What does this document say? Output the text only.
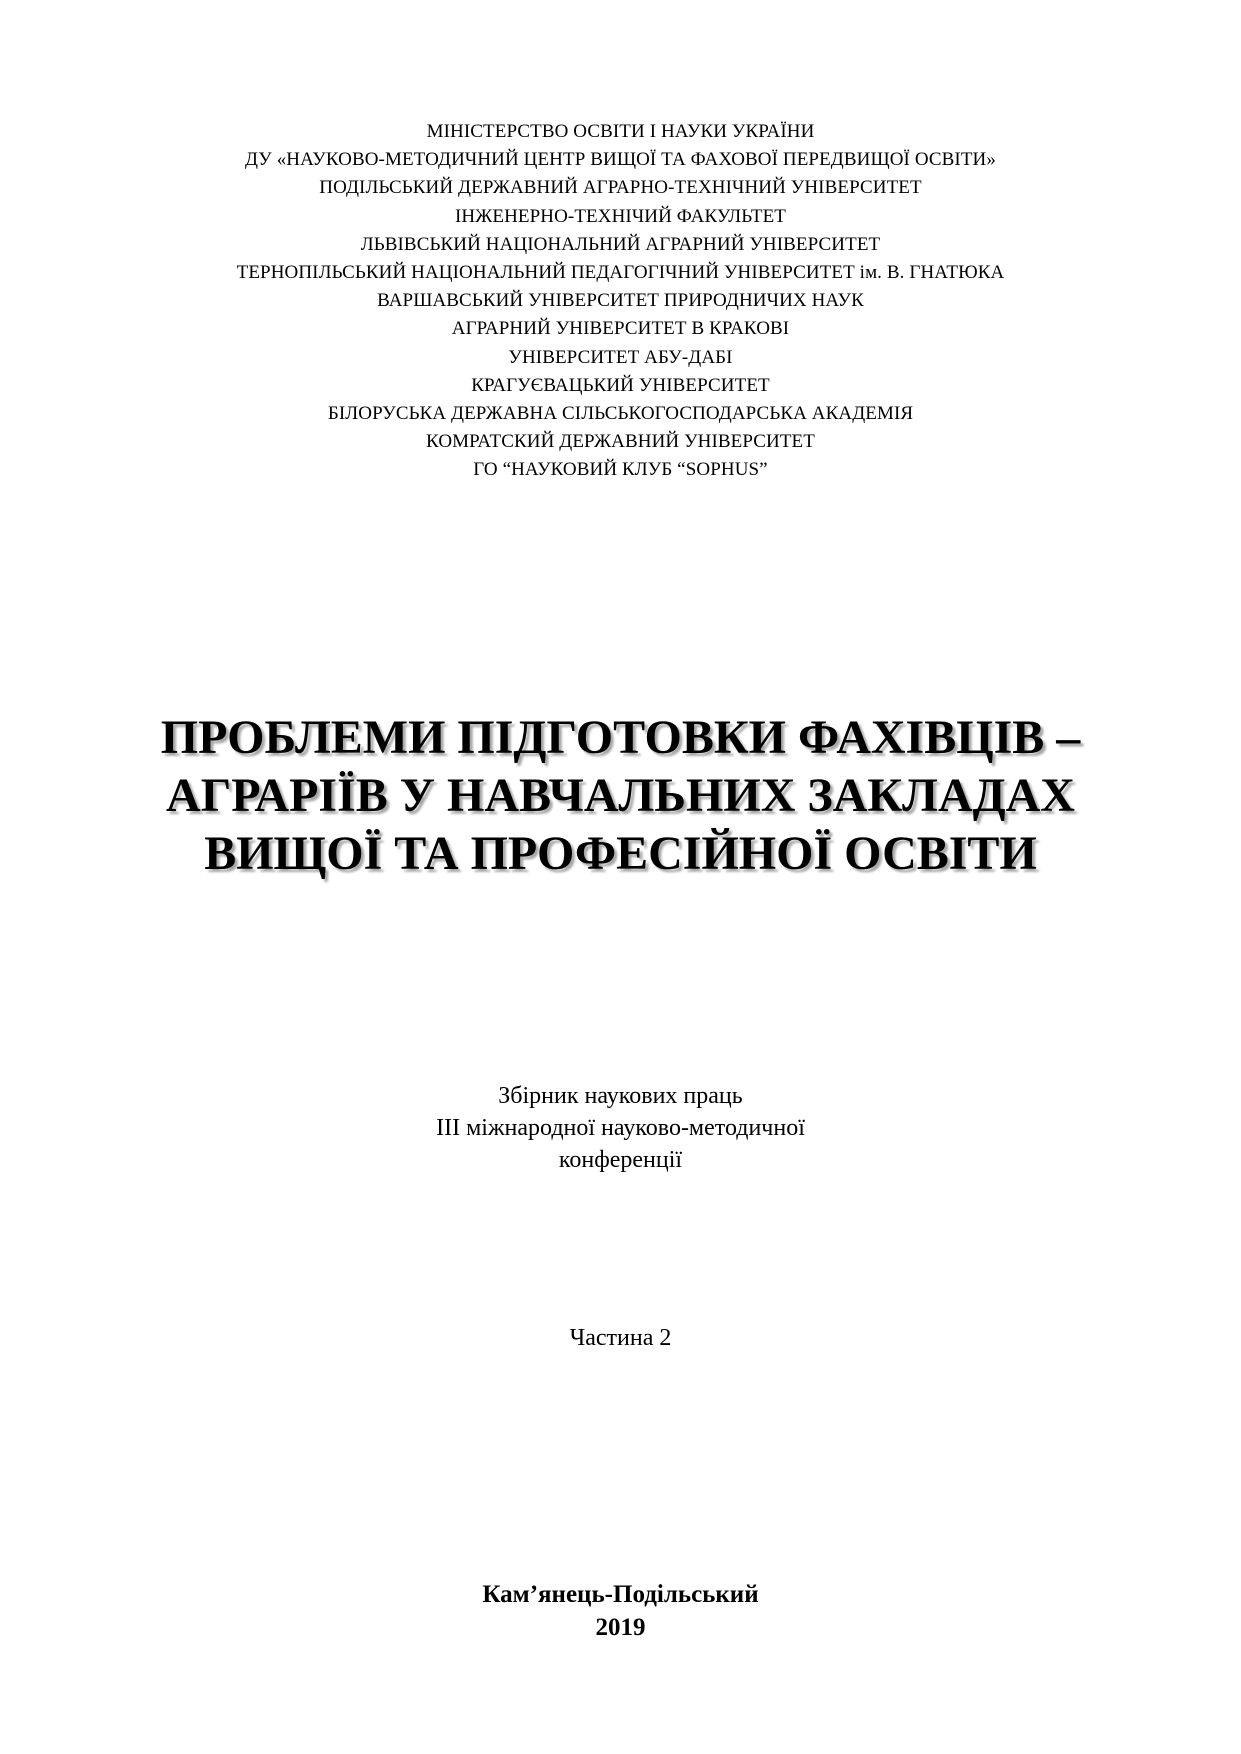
МІНІСТЕРСТВО ОСВІТИ І НАУКИ УКРАЇНИ
ДУ «НАУКОВО-МЕТОДИЧНИЙ ЦЕНТР ВИЩОЇ ТА ФАХОВОЇ ПЕРЕДВИЩОЇ ОСВІТИ»
ПОДІЛЬСЬКИЙ ДЕРЖАВНИЙ АГРАРНО-ТЕХНІЧНИЙ УНІВЕРСИТЕТ
ІНЖЕНЕРНО-ТЕХНІЧИЙ ФАКУЛЬТЕТ
ЛЬВІВСЬКИЙ НАЦІОНАЛЬНИЙ АГРАРНИЙ УНІВЕРСИТЕТ
ТЕРНОПІЛЬСЬКИЙ НАЦІОНАЛЬНИЙ ПЕДАГОГІЧНИЙ УНІВЕРСИТЕТ ім. В. ГНАТЮКА
ВАРШАВСЬКИЙ УНІВЕРСИТЕТ ПРИРОДНИЧИХ НАУК
АГРАРНИЙ УНІВЕРСИТЕТ В КРАКОВІ
УНІВЕРСИТЕТ АБУ-ДАБІ
КРАГУЄВАЦЬКИЙ УНІВЕРСИТЕТ
БІЛОРУСЬКА ДЕРЖАВНА СІЛЬСЬКОГОСПОДАРСЬКА АКАДЕМІЯ
КОМРАТСКИЙ ДЕРЖАВНИЙ УНІВЕРСИТЕТ
ГО “НАУКОВИЙ КЛУБ “SOPHUS”
ПРОБЛЕМИ ПІДГОТОВКИ ФАХІВЦІВ –
АГРАРІЇВ У НАВЧАЛЬНИХ ЗАКЛАДАХ
ВИЩОЇ ТА ПРОФЕСІЙНОЇ ОСВІТИ
Збірник наукових праць
ІІІ міжнародної науково-методичної
конференції
Частина 2
Кам’янець-Подільський
2019
